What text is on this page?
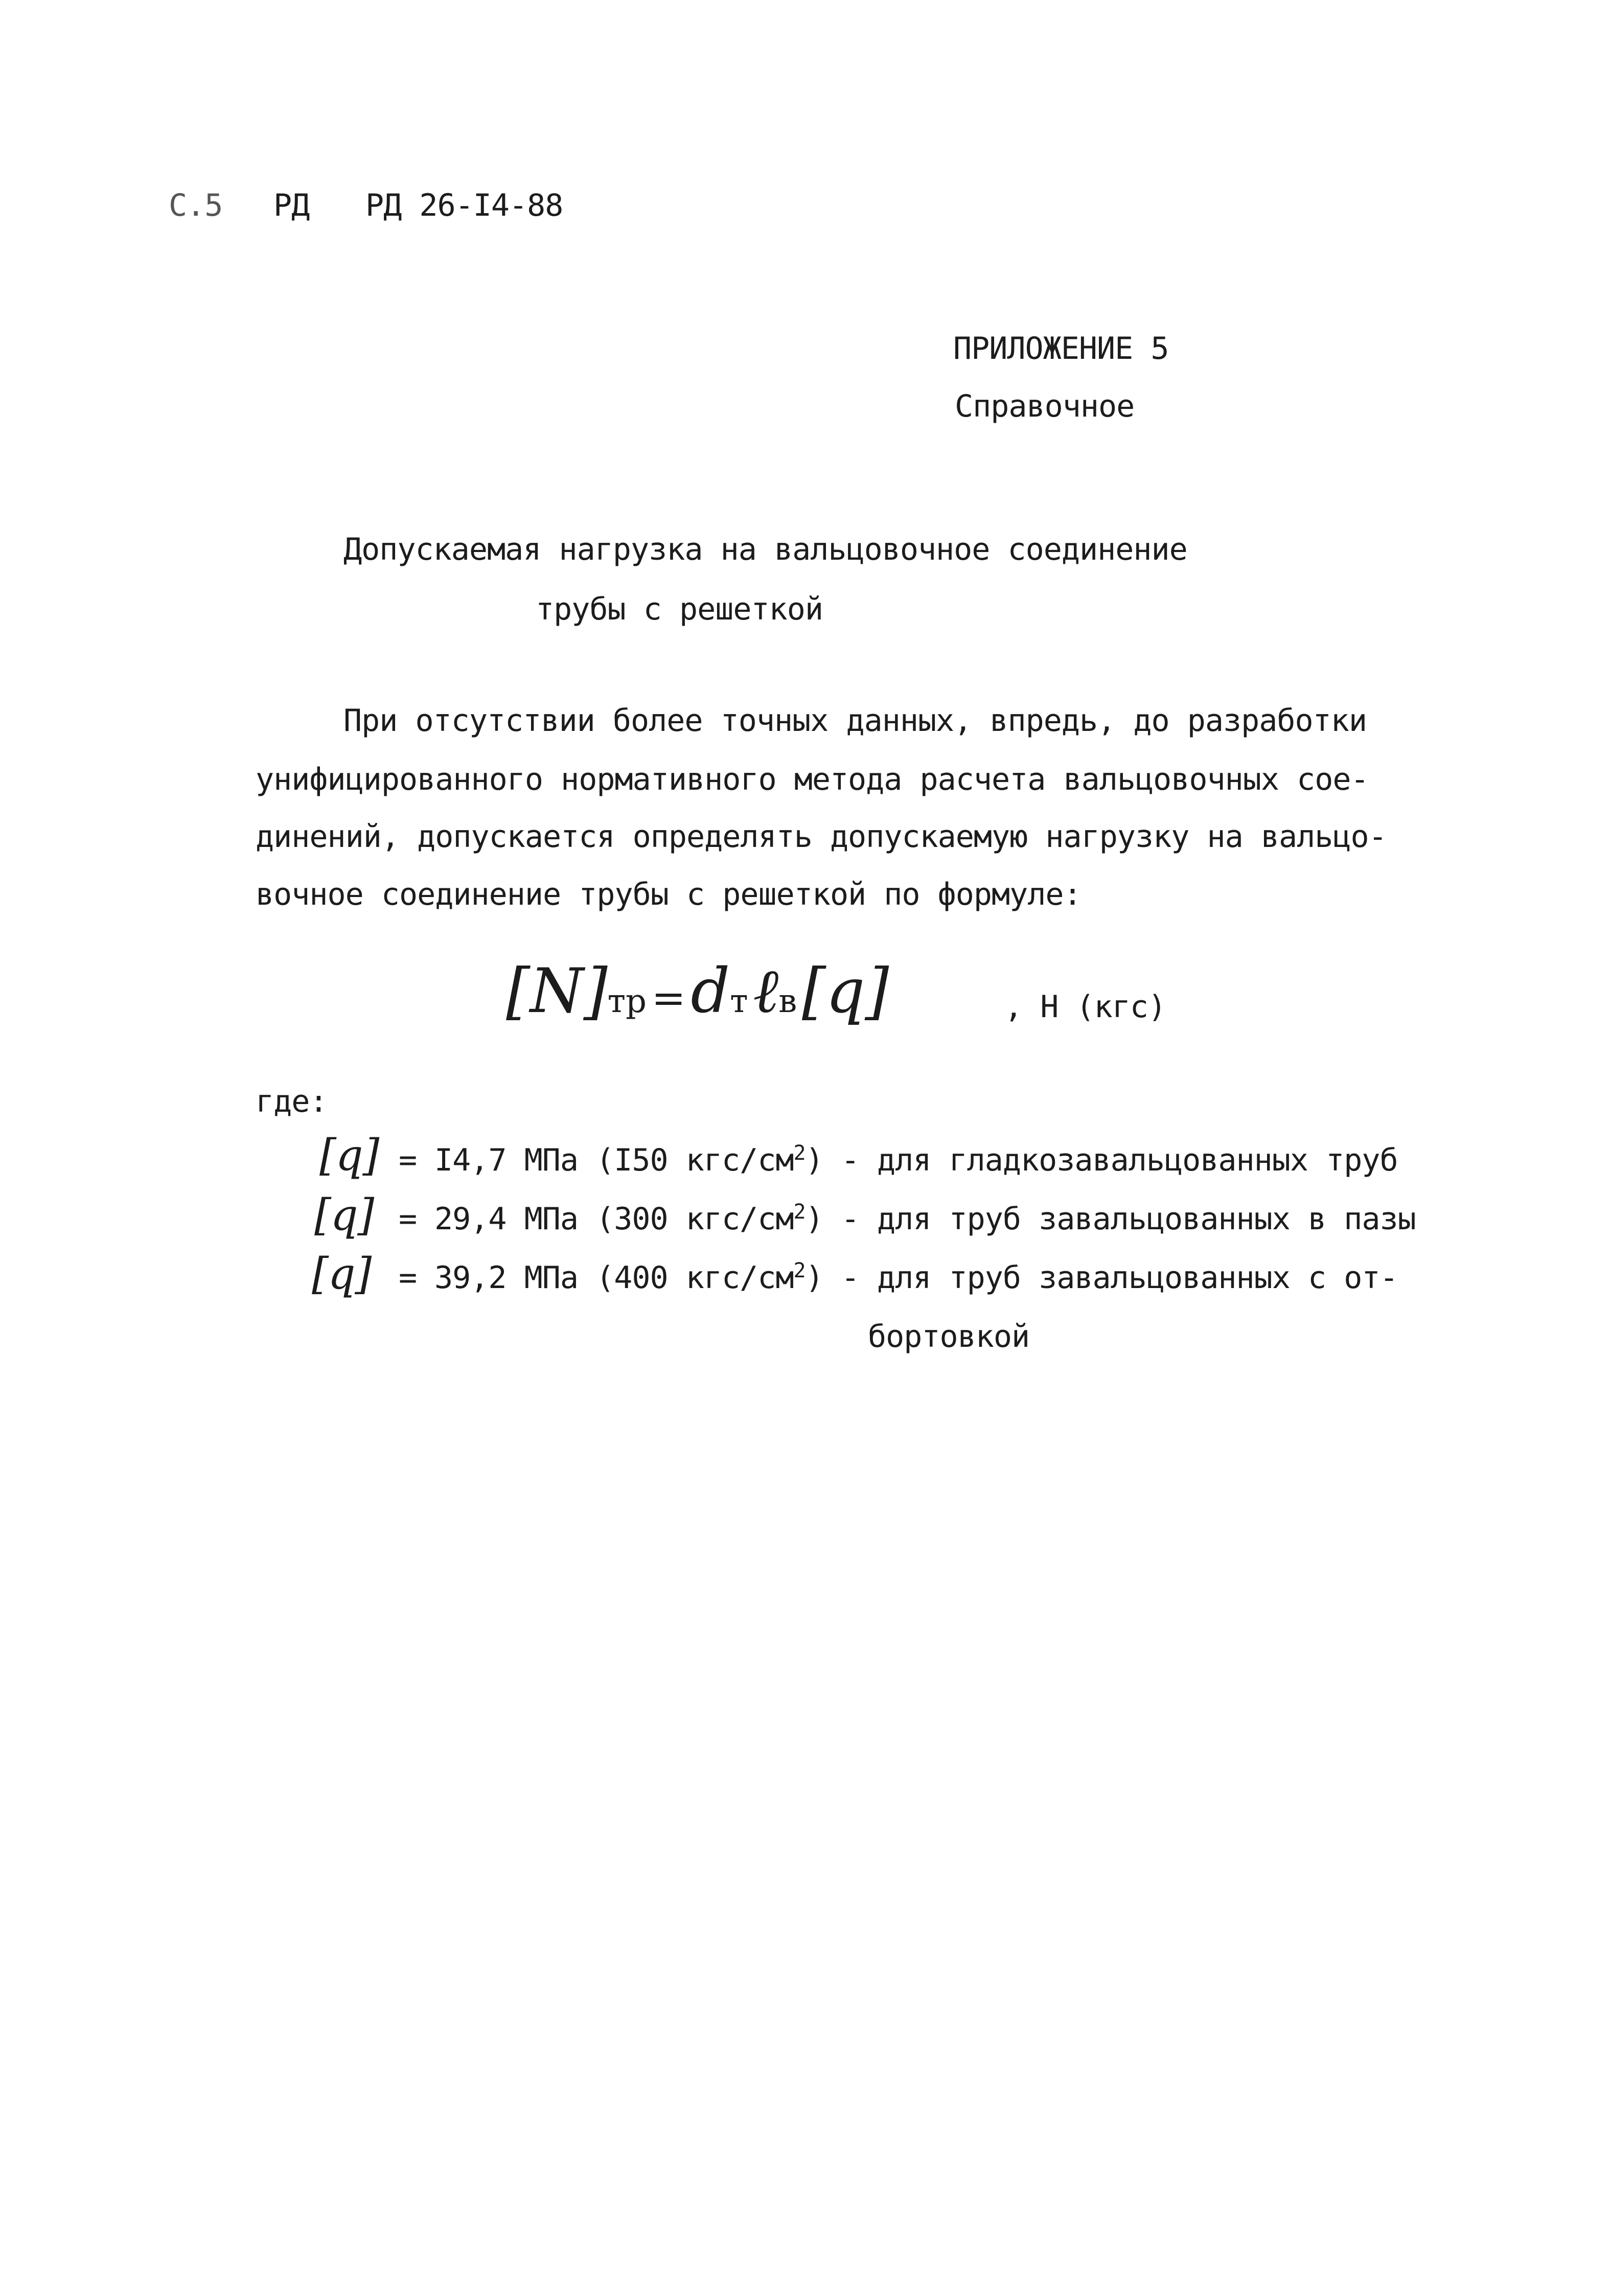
С.5 РД РД 26-І4-88
ПРИЛОЖЕНИЕ 5
Справочное
Допускаемая нагрузка на вальцовочное соединение
трубы с решеткой
При отсутствии более точных данных, впредь, до разработки
унифицированного нормативного метода расчета вальцовочных сое-
динений, допускается определять допускаемую нагрузку на вальцо-
вочное соединение трубы с решеткой по формуле:
[N]тр = dт ℓв [q]	, Н (кгс)
где:
[q] = І4,7 МПа (І50 кгс/$см^2$) - для гладкозавальцованных труб
[q] = 29,4 МПа (300 кгс/$см^2$) - для труб завальцованных в пазы
[q] = 39,2 МПа (400 кгс/$см^2$) - для труб завальцованных с от-
бортовкой
